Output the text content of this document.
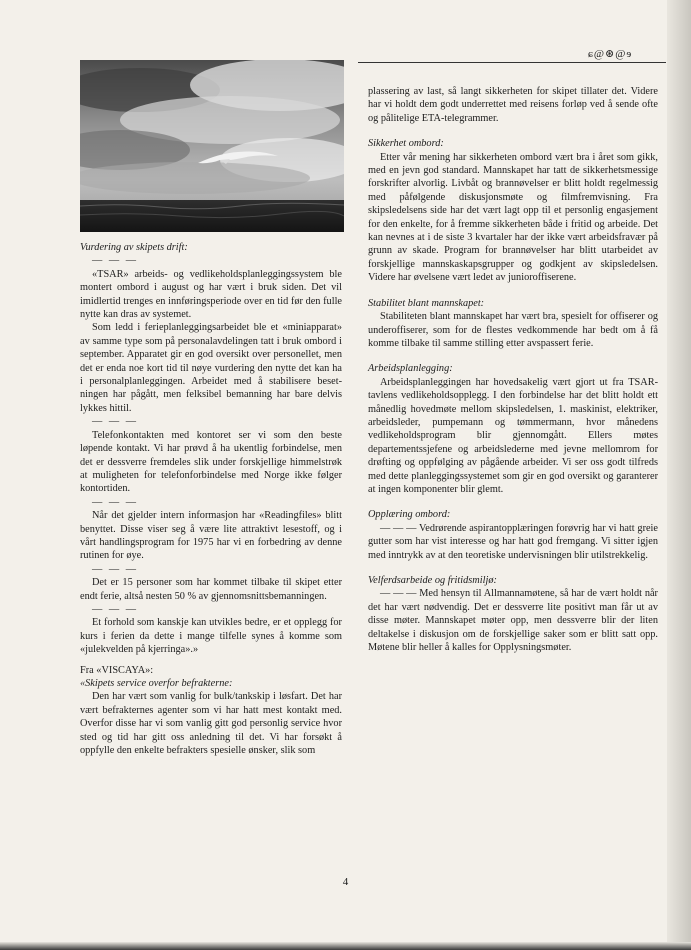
ɕ@⊛@ɘ

Vurdering av skipets drift:

— — —

«TSAR» arbeids- og vedlikeholdsplanleggingssystem ble montert ombord i august og har vært i bruk siden. Det vil imidlertid trenges en innføringsperiode over en tid før den fulle nytte kan dras av systemet.

Som ledd i ferieplanleggingsarbeidet ble et «miniapparat» av samme type som på personalavdelingen tatt i bruk ombord i september. Apparatet gir en god oversikt over personellet, men det er enda noe kort tid til nøye vurdering den nytte det kan ha i personalplanleggingen. Arbeidet med å stabilisere besetningen har pågått, men felksibel bemanning har bare delvis lykkes hittil.

— — —

Telefonkontakten med kontoret ser vi som den beste løpende kontakt. Vi har prøvd å ha ukentlig forbindelse, men det er dessverre fremdeles slik under forskjellige himmelstrøk at muligheten for telefonforbindelse med Norge ikke følger kontortiden.

— — —

Når det gjelder intern informasjon har «Readingfiles» blitt benyttet. Disse viser seg å være lite attraktivt lesestoff, og i vårt handlingsprogram for 1975 har vi en forbedring av denne rutinen for øye.

— — —

Det er 15 personer som har kommet tilbake til skipet etter endt ferie, altså nesten 50 % av gjennomsnittsbemanningen.

— — —

Et forhold som kanskje kan utvikles bedre, er et opplegg for kurs i ferien da dette i mange tilfelle synes å komme som «julekvelden på kjerringa».»

Fra «VISCAYA»:

«Skipets service overfor befrakterne:

Den har vært som vanlig for bulk/tankskip i løsfart. Det har vært befrakternes agenter som vi har hatt mest kontakt med. Overfor disse har vi som vanlig gitt god personlig service hvor sted og tid har gitt oss anledning til det. Vi har forsøkt å oppfylle den enkelte befrakters spesielle ønsker, slik som

plassering av last, så langt sikkerheten for skipet tillater det. Videre har vi holdt dem godt underrettet med reisens forløp ved å sende ofte og pålitelige ETA-telegrammer.

Sikkerhet ombord:

Etter vår mening har sikkerheten ombord vært bra i året som gikk, med en jevn god standard. Mannskapet har tatt de sikkerhetsmessige forskrifter alvorlig. Livbåt og brannøvelser er blitt holdt regelmessig med påfølgende diskusjonsmøte og filmfremvisning. Fra skipsledelsens side har det vært lagt opp til et personlig engasjement for den enkelte, for å fremme sikkerheten både i fritid og arbeide. Det kan nevnes at i de siste 3 kvartaler har der ikke vært arbeidsfravær på grunn av skade. Program for brannøvelser har blitt utarbeidet av forskjellige mannskaskapsgrupper og godkjent av skipsledelsen. Videre har øvelsene vært ledet av junioroffiserene.

Stabilitet blant mannskapet:

Stabiliteten blant mannskapet har vært bra, spesielt for offiserer og underoffiserer, som for de flestes vedkommende har bedt om å få komme tilbake til samme stilling etter avspassert ferie.

Arbeidsplanlegging:

Arbeidsplanleggingen har hovedsakelig vært gjort ut fra TSAR-tavlens vedlikeholdsopplegg. I den forbindelse har det blitt holdt ett månedlig hovedmøte mellom skipsledelsen, 1. maskinist, elektriker, arbeidsleder, pumpemann og tømmermann, hvor månedens vedlikeholdsprogram blir gjennomgått. Ellers møtes departementssjefene og arbeidslederne med jevne mellomrom for drøfting og oppfølging av pågående arbeider. Vi ser oss godt tilfreds med dette planleggingssystemet som gir en god oversikt og garanterer at ingen komponenter blir glemt.

Opplæring ombord:

— — — Vedrørende aspirantopplæringen forøvrig har vi hatt greie gutter som har vist interesse og har hatt god fremgang. Vi sitter igjen med inntrykk av at den teoretiske undervisningen blir utilstrekkelig.

Velferdsarbeide og fritidsmiljø:

— — — Med hensyn til Allmannamøtene, så har de vært holdt når det har vært nødvendig. Det er dessverre lite positivt man får ut av disse møter. Mannskapet møter opp, men dessverre blir der liten deltakelse i diskusjon om de forskjellige saker som er blitt satt opp. Møtene blir heller å kalles for Opplysningsmøter.

4
